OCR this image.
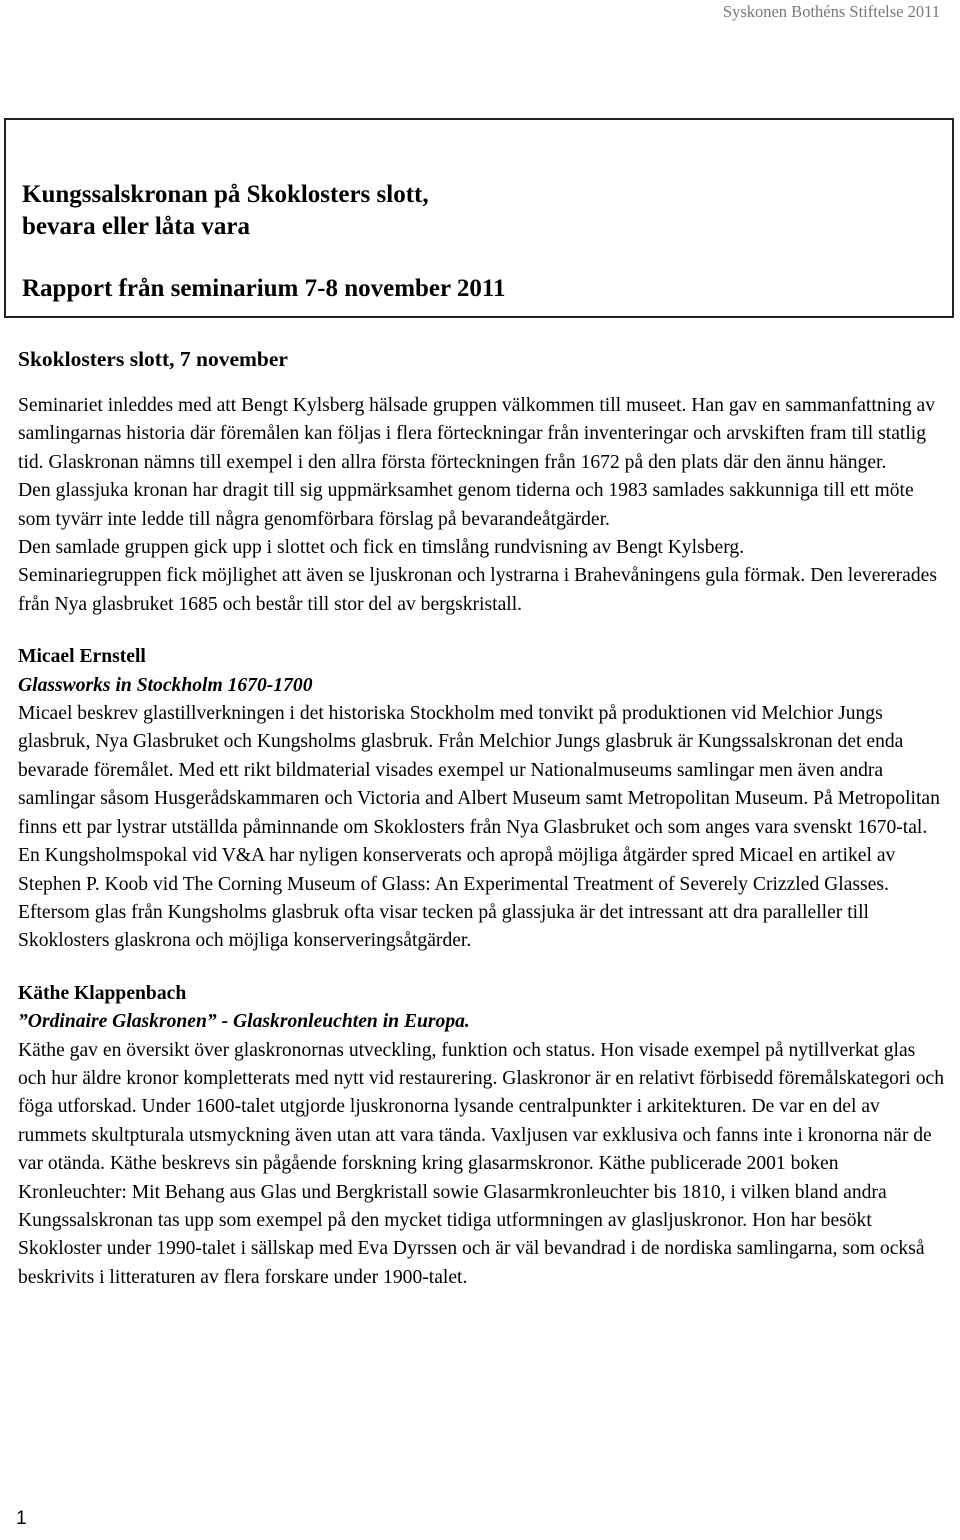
Syskonen Bothéns Stiftelse 2011
Kungssalskronan på Skoklosters slott,
bevara eller låta vara
Rapport från seminarium 7-8 november 2011
Skoklosters slott, 7 november

Seminariet inleddes med att Bengt Kylsberg hälsade gruppen välkommen till museet. Han gav en sammanfattning av samlingarnas historia där föremålen kan följas i flera förteckningar från inventeringar och arvskiften fram till statlig tid. Glaskronan nämns till exempel i den allra första förteckningen från 1672 på den plats där den ännu hänger.

Den glassjuka kronan har dragit till sig uppmärksamhet genom tiderna och 1983 samlades sakkunniga till ett möte som tyvärr inte ledde till några genomförbara förslag på bevarandeåtgärder.

Den samlade gruppen gick upp i slottet och fick en timslång rundvisning av Bengt Kylsberg.

Seminariegruppen fick möjlighet att även se ljuskronan och lystrarna i Brahevåningens gula förmak. Den levererades från Nya glasbruket 1685 och består till stor del av bergskristall.

Micael Ernstell
Glassworks in Stockholm 1670-1700

Micael beskrev glastillverkningen i det historiska Stockholm med tonvikt på produktionen vid Melchior Jungs glasbruk, Nya Glasbruket och Kungsholms glasbruk. Från Melchior Jungs glasbruk är Kungssalskronan det enda bevarade föremålet. Med ett rikt bildmaterial visades exempel ur Nationalmuseums samlingar men även andra samlingar såsom Husgerådskammaren och Victoria and Albert Museum samt Metropolitan Museum. På Metropolitan finns ett par lystrar utställda påminnande om Skoklosters från Nya Glasbruket och som anges vara svenskt 1670-tal. En Kungsholmspokal vid V&A har nyligen konserverats och apropå möjliga åtgärder spred Micael en artikel av Stephen P. Koob vid The Corning Museum of Glass: An Experimental Treatment of Severely Crizzled Glasses. Eftersom glas från Kungsholms glasbruk ofta visar tecken på glassjuka är det intressant att dra paralleller till Skoklosters glaskrona och möjliga konserveringsåtgärder.

Käthe Klappenbach
”Ordinaire Glaskronen” - Glaskronleuchten in Europa.

Käthe gav en översikt över glaskronornas utveckling, funktion och status. Hon visade exempel på nytillverkat glas och hur äldre kronor kompletterats med nytt vid restaurering. Glaskronor är en relativt förbisedd föremålskategori och föga utforskad. Under 1600-talet utgjorde ljuskronorna lysande centralpunkter i arkitekturen. De var en del av rummets skultpturala utsmyckning även utan att vara tända. Vaxljusen var exklusiva och fanns inte i kronorna när de var otända. Käthe beskrevs sin pågående forskning kring glasarmskronor. Käthe publicerade 2001 boken Kronleuchter: Mit Behang aus Glas und Bergkristall sowie Glasarmkronleuchter bis 1810, i vilken bland andra Kungssalskronan tas upp som exempel på den mycket tidiga utformningen av glasljuskronor. Hon har besökt Skokloster under 1990-talet i sällskap med Eva Dyrssen och är väl bevandrad i de nordiska samlingarna, som också beskrivits i litteraturen av flera forskare under 1900-talet.

1
